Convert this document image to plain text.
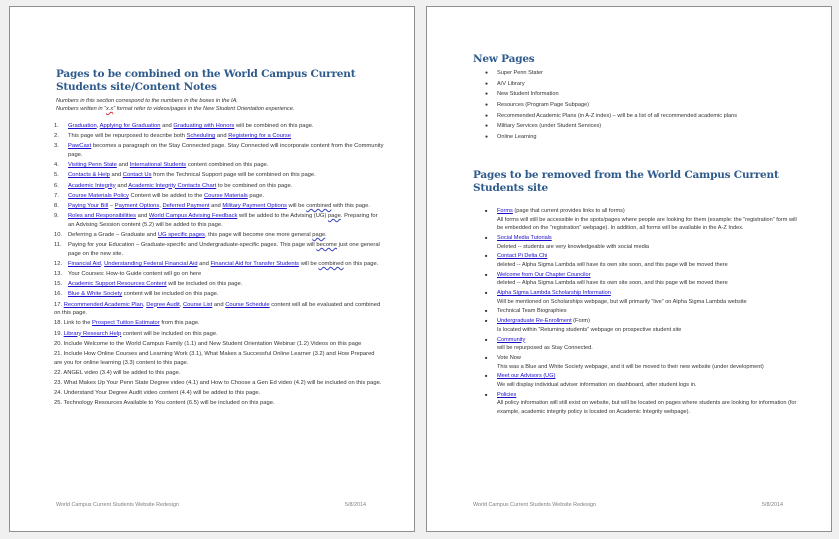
Pages to be combined on the World Campus Current Students site/Content Notes
Numbers in this section correspond to the numbers in the boxes in the IA.
Numbers written in “x.x” format refer to videos/pages in the New Student Orientation experience.
1. Graduation, Applying for Graduation and Graduating with Honors will be combined on this page.
2. This page will be repurposed to describe both Scheduling and Registering for a Course
3. PawCast becomes a paragraph on the Stay Connected page. Stay Connected will incorporate content from the Community page.
4. Visiting Penn State and International Students content combined on this page.
5. Contacts & Help and Contact Us from the Technical Support page will be combined on this page.
6. Academic Integrity and Academic Integrity Contacts Chart to be combined on this page.
7. Course Materials Policy Content will be added to the Course Materials page.
8. Paying Your Bill – Payment Options, Deferred Payment and Military Payment Options will be combined with this page.
9. Roles and Responsibilities and World Campus Advising Feedback will be added to the Advising (UG) page. Preparing for an Advising Session content (5.2) will be added to this page.
10. Deferring a Grade – Graduate and UG specific pages, this page will become one more general page.
11. Paying for your Education – Graduate-specific and Undergraduate-specific pages. This page will become just one general page on the new site.
12. Financial Aid, Understanding Federal Financial Aid and Financial Aid for Transfer Students will be combined on this page.
13. Your Courses: How-to Guide content will go on here
15. Academic Support Resources Content will be included on this page.
16. Blue & White Society content will be included on this page.
17. Recommended Academic Plan, Degree Audit, Course List and Course Schedule content will all be evaluated and combined on this page.
18. Link to the Prospect Tuition Estimator from this page.
19. Library Research Help content will be included on this page.
20. Include Welcome to the World Campus Family (1.1) and New Student Orientation Webinar (1.2) Videos on this page
21. Include How Online Courses and Learning Work (3.1), What Makes a Successful Online Learner (3.2) and How Prepared are you for online learning (3.3) content to this page.
22. ANGEL video (3.4) will be added to this page.
23. What Makes Up Your Penn State Degree video (4.1) and How to Choose a Gen Ed video (4.2) will be included on this page.
24. Understand Your Degree Audit video content (4.4) will be added to this page.
25. Technology Resources Available to You content (6.5) will be included on this page.
World Campus Current Students Website Redesign	5/8/2014
New Pages
● Super Penn Stater
● A/V Library
● New Student Information
● Resources (Program Page Subpage)
● Recommended Academic Plans (in A-Z index) – will be a list of all recommended academic plans
● Military Services (under Student Services)
● Online Learning
Pages to be removed from the World Campus Current Students site
■ Forms (page that current provides links to all forms)
All forms will still be accessible in the spots/pages where people are looking for them (example: the “registration” form will be embedded on the “registration” webpage). In addition, all forms will be available in the A-Z Index.
■ Social Media Tutorials
Deleted -- students are very knowledgeable with social media
■ Contact Pi Delta Chi
deleted -- Alpha Sigma Lambda will have its own site soon, and this page will be moved there
■ Welcome from Our Chapter Councilor
deleted -- Alpha Sigma Lambda will have its own site soon, and this page will be moved there
■ Alpha Sigma Lambda Scholarship Information
Will be mentioned on Scholarships webpage, but will primarily “live” on Alpha Sigma Lambda website
■ Technical Team Biographies
■ Undergraduate Re-Enrollment (Form)
Is located within “Returning students” webpage on prospective student site
■ Community
will be repurposed as Stay Connected.
■ Vote Now
This was a Blue and White Society webpage, and it will be moved to their new website (under development)
■ Meet our Advisors (UG)
We will display individual adviser information on dashboard, after student logs in.
■ Policies
All policy information will still exist on website, but will be located on pages where students are looking for information (for example, academic integrity policy is located on Academic Integrity webpage).
World Campus Current Students Website Redesign	5/8/2014
